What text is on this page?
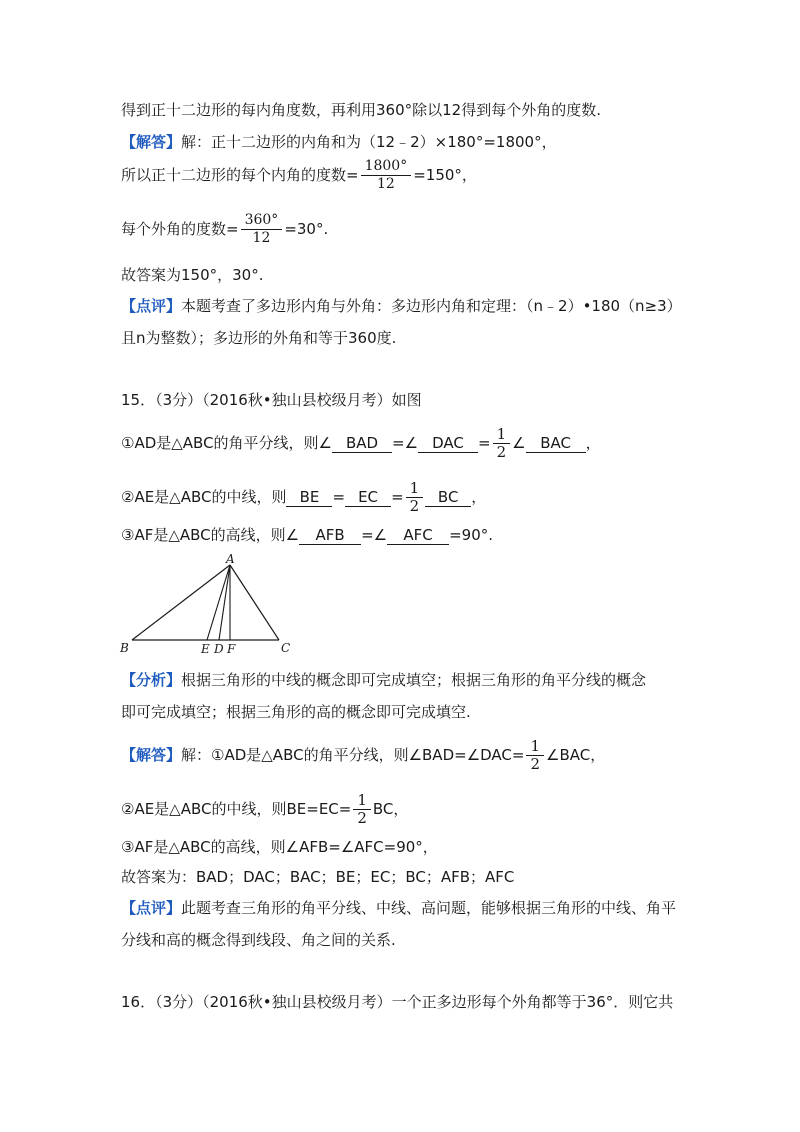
得到正十二边形的每内角度数，再利用360°除以12得到每个外角的度数.
【解答】解：正十二边形的内角和为（12﹣2）×180°=1800°，
所以正十二边形的每个内角的度数= $\frac{1800^\circ}{12} =150^\circ$，
每个外角的度数= $\frac{360^\circ}{12} =30^\circ$.
故答案为150°，30°.
【点评】本题考查了多边形内角与外角：多边形内角和定理：（n﹣2）•180（n≥3）
且n为整数）；多边形的外角和等于360度.
15．（3分）（2016秋•独山县校级月考）如图
①AD是△ABC的角平分线，则∠ BAD =∠ DAC = $\frac{1}{2}$ ∠ BAC ，
②AE是△ABC的中线，则 BE = EC = $\frac{1}{2}$ BC ，
③AF是△ABC的高线，则∠ AFB =∠ AFC =90°.
A
B	C
E D F
【分析】根据三角形的中线的概念即可完成填空；根据三角形的角平分线的概念
即可完成填空；根据三角形的高的概念即可完成填空.
【解答】解：①AD是△ABC的角平分线，则∠BAD=∠DAC= $\frac{1}{2}$ ∠BAC，
②AE是△ABC的中线，则$BE=EC= \frac{1}{2}$ BC，
③AF是△ABC的高线，则∠AFB=∠AFC=90°，
故答案为：BAD；DAC；BAC；BE；EC；BC；AFB；AFC
【点评】此题考查三角形的角平分线、中线、高问题，能够根据三角形的中线、角平
分线和高的概念得到线段、角之间的关系.
16．（3分）（2016秋•独山县校级月考）一个正多边形每个外角都等于36°．则它共
